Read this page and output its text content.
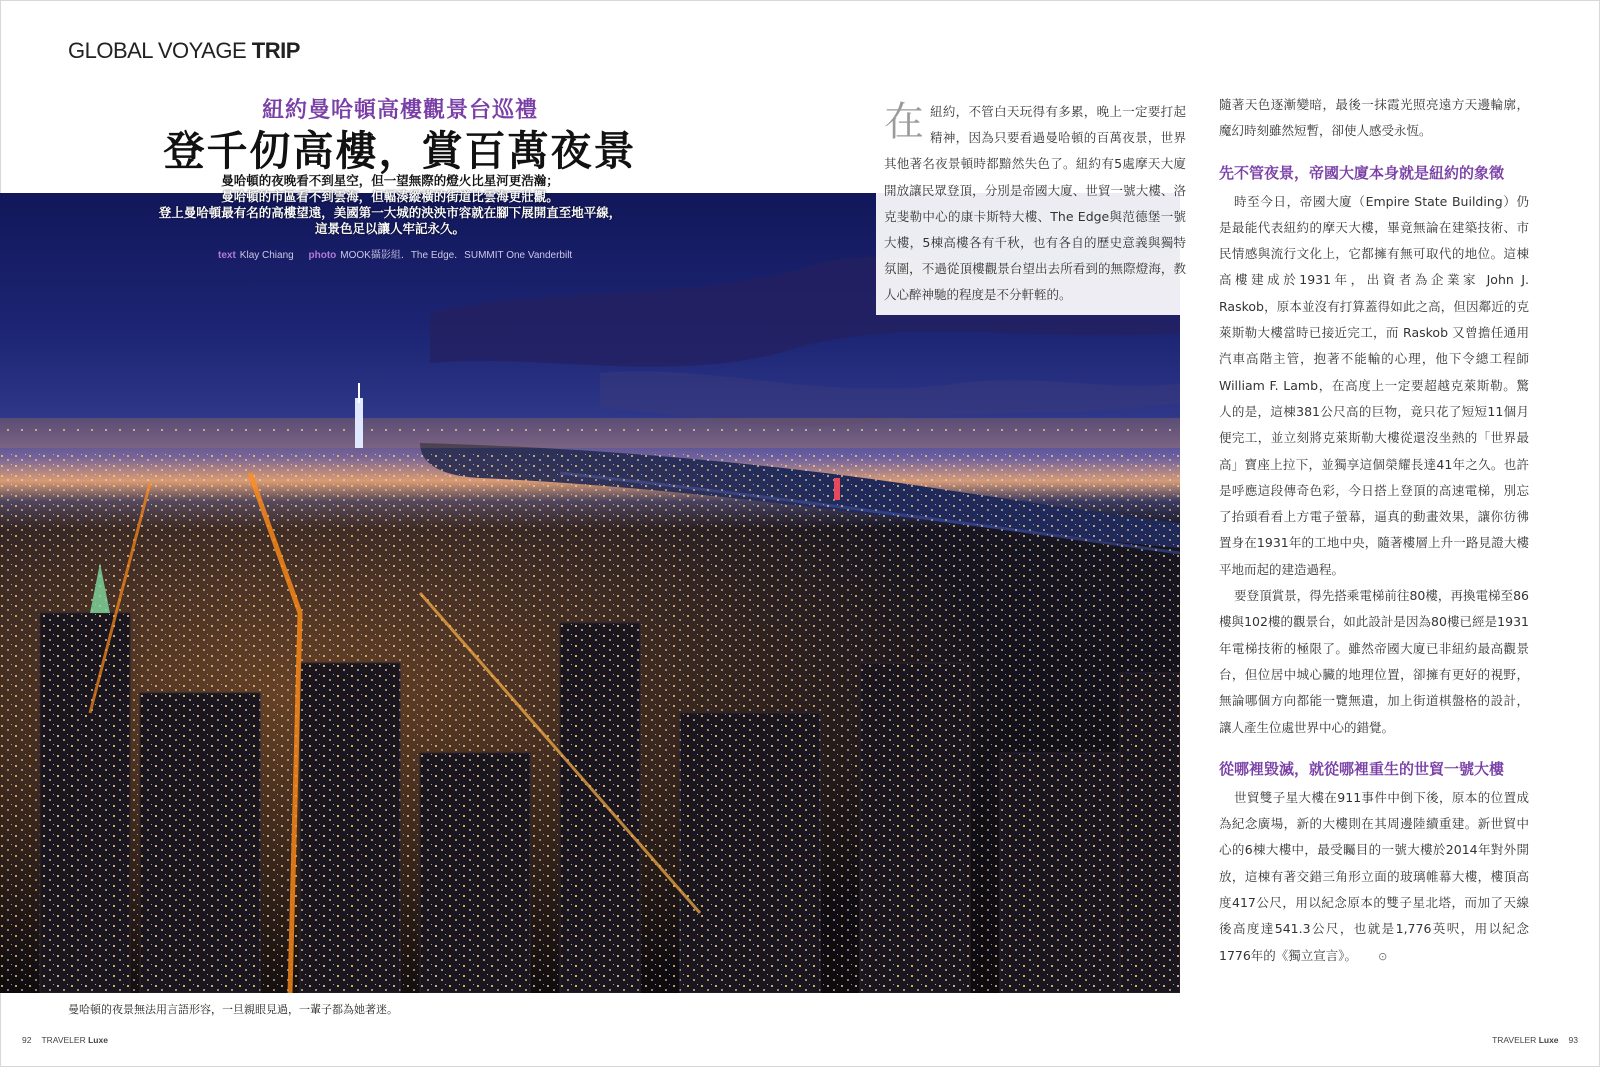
GLOBAL VOYAGE TRIP
紐約曼哈頓高樓觀景台巡禮
登千仞高樓，賞百萬夜景
曼哈頓的夜晚看不到星空，但一望無際的燈火比星河更浩瀚；
曼哈頓的市區看不到雲海，但輻湊縱橫的街道比雲海更壯觀。
登上曼哈頓最有名的高樓望遠，美國第一大城的泱泱市容就在腳下展開直至地平線，
這景色足以讓人牢記永久。
text Klay Chiang photo MOOK攝影組．The Edge．SUMMIT One Vanderbilt

在紐約，不管白天玩得有多累，晚上一定要打起精神，因為只要看過曼哈頓的百萬夜景，世界其他著名夜景頓時都黯然失色了。紐約有5處摩天大廈開放讓民眾登頂，分別是帝國大廈、世貿一號大樓、洛克斐勒中心的康卡斯特大樓、The Edge與范德堡一號大樓，5棟高樓各有千秋，也有各自的歷史意義與獨特氛圍，不過從頂樓觀景台望出去所看到的無際燈海，教人心醉神馳的程度是不分軒輊的。

隨著天色逐漸變暗，最後一抹霞光照亮遠方天邊輪廓，魔幻時刻雖然短暫，卻使人感受永恆。

先不管夜景，帝國大廈本身就是紐約的象徵

時至今日，帝國大廈（Empire State Building）仍是最能代表紐約的摩天大樓，畢竟無論在建築技術、市民情感與流行文化上，它都擁有無可取代的地位。這棟高樓建成於1931年，出資者為企業家 John J. Raskob，原本並沒有打算蓋得如此之高，但因鄰近的克萊斯勒大樓當時已接近完工，而 Raskob 又曾擔任通用汽車高階主管，抱著不能輸的心理，他下令總工程師 William F. Lamb，在高度上一定要超越克萊斯勒。驚人的是，這棟381公尺高的巨物，竟只花了短短11個月便完工，並立刻將克萊斯勒大樓從還沒坐熱的「世界最高」寶座上拉下，並獨享這個榮耀長達41年之久。也許是呼應這段傳奇色彩，今日搭上登頂的高速電梯，別忘了抬頭看看上方電子螢幕，逼真的動畫效果，讓你彷彿置身在1931年的工地中央，隨著樓層上升一路見證大樓平地而起的建造過程。

要登頂賞景，得先搭乘電梯前往80樓，再換電梯至86樓與102樓的觀景台，如此設計是因為80樓已經是1931年電梯技術的極限了。雖然帝國大廈已非紐約最高觀景台，但位居中城心臟的地理位置，卻擁有更好的視野，無論哪個方向都能一覽無遺，加上街道棋盤格的設計，讓人產生位處世界中心的錯覺。

從哪裡毀滅，就從哪裡重生的世貿一號大樓

世貿雙子星大樓在911事件中倒下後，原本的位置成為紀念廣場，新的大樓則在其周邊陸續重建。新世貿中心的6棟大樓中，最受矚目的一號大樓於2014年對外開放，這棟有著交錯三角形立面的玻璃帷幕大樓，樓頂高度417公尺，用以紀念原本的雙子星北塔，而加了天線後高度達541.3公尺，也就是1,776英呎，用以紀念1776年的《獨立宣言》。 ⊙

曼哈頓的夜景無法用言語形容，一旦親眼見過，一輩子都為她著迷。
92 TRAVELER Luxe	TRAVELER Luxe 93
